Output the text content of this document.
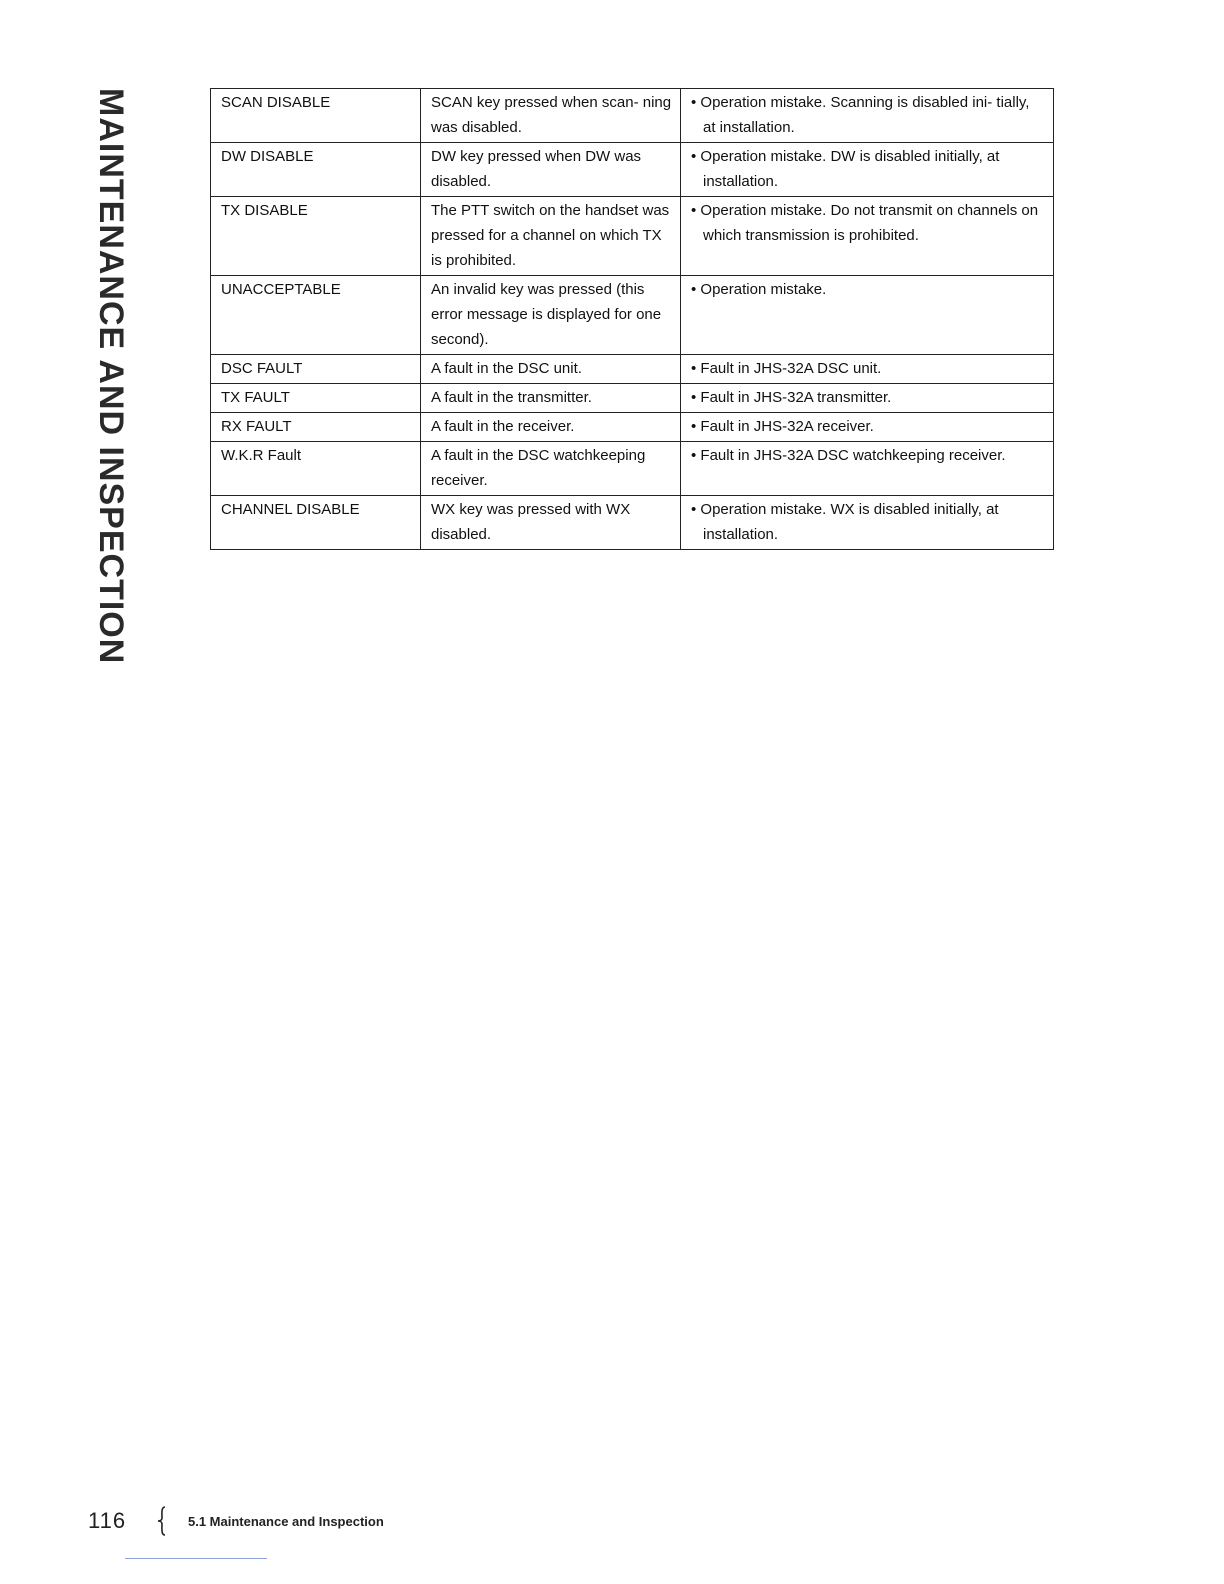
MAINTENANCE AND INSPECTION	SCAN DISABLE	SCAN key pressed when scan- ning was disabled.	• Operation mistake. Scanning is disabled ini- tially, at installation.

DW DISABLE	DW key pressed when DW was disabled.	• Operation mistake. DW is disabled initially, at installation.

TX DISABLE	The PTT switch on the handset was pressed for a channel on which TX is prohibited.	• Operation mistake. Do not transmit on channels on which transmission is prohibited.

UNACCEPTABLE	An invalid key was pressed (this error message is displayed for one second).	• Operation mistake.

DSC FAULT	A fault in the DSC unit.	• Fault in JHS-32A DSC unit.

TX FAULT	A fault in the transmitter.	• Fault in JHS-32A transmitter.

RX FAULT	A fault in the receiver.	• Fault in JHS-32A receiver.

W.K.R Fault	A fault in the DSC watchkeeping receiver.	• Fault in JHS-32A DSC watchkeeping receiver.

CHANNEL DISABLE	WX key was pressed with WX disabled.	• Operation mistake. WX is disabled initially, at installation.
116	5.1 Maintenance and Inspection
